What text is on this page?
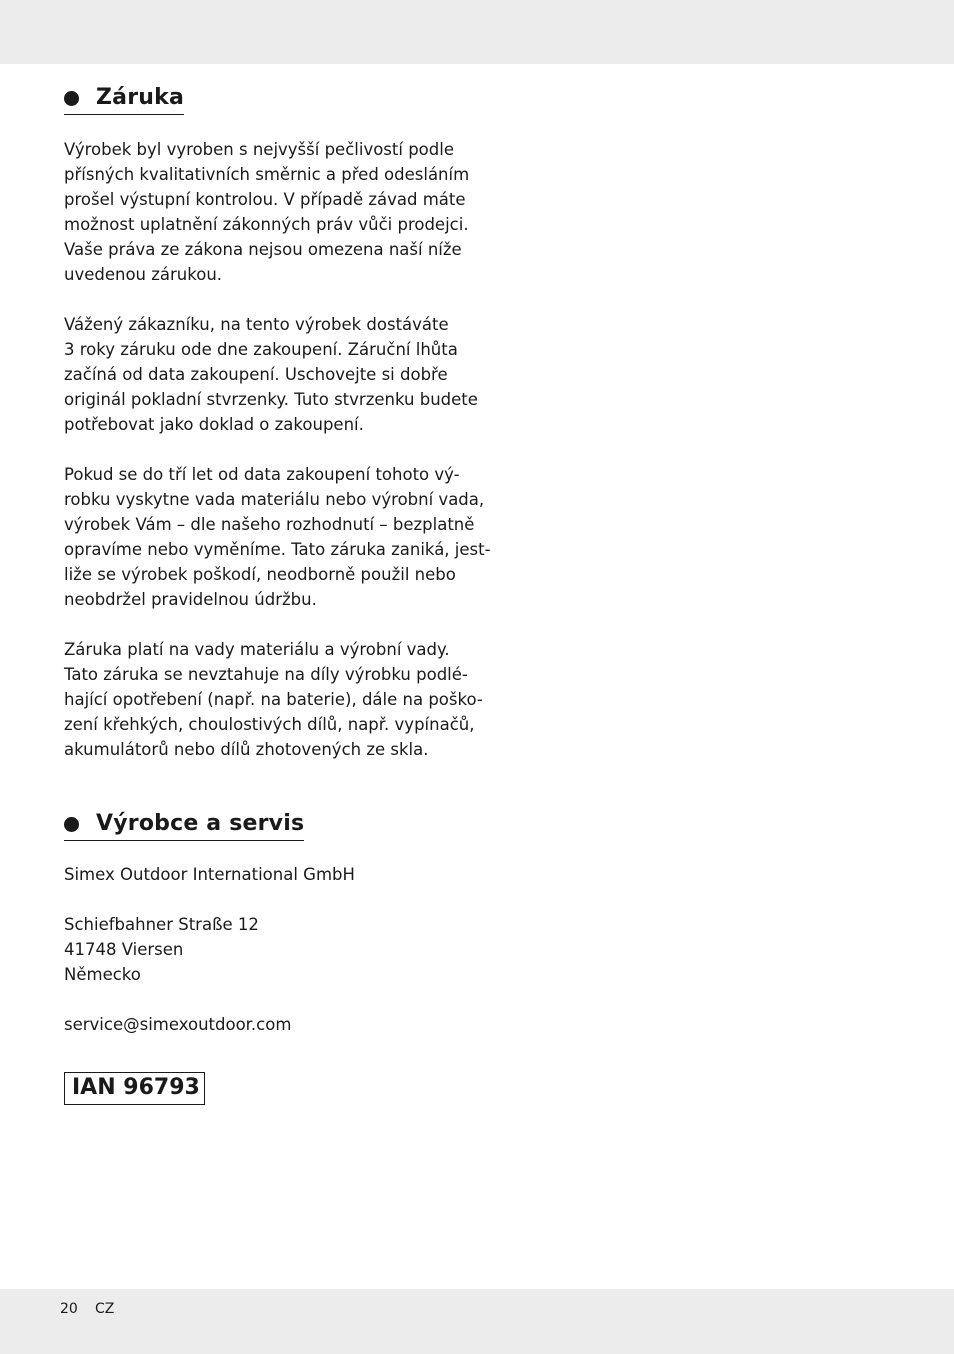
Záruka
Výrobek byl vyroben s nejvyšší pečlivostí podle
přísných kvalitativních směrnic a před odesláním
prošel výstupní kontrolou. V případě závad máte
možnost uplatnění zákonných práv vůči prodejci.
Vaše práva ze zákona nejsou omezena naší níže
uvedenou zárukou.
Vážený zákazníku, na tento výrobek dostáváte
3 roky záruku ode dne zakoupení. Záruční lhůta
začíná od data zakoupení. Uschovejte si dobře
originál pokladní stvrzenky. Tuto stvrzenku budete
potřebovat jako doklad o zakoupení.
Pokud se do tří let od data zakoupení tohoto vý-
robku vyskytne vada materiálu nebo výrobní vada,
výrobek Vám – dle našeho rozhodnutí – bezplatně
opravíme nebo vyměníme. Tato záruka zaniká, jest-
liže se výrobek poškodí, neodborně použil nebo
neobdržel pravidelnou údržbu.
Záruka platí na vady materiálu a výrobní vady.
Tato záruka se nevztahuje na díly výrobku podlé-
hající opotřebení (např. na baterie), dále na poško-
zení křehkých, choulostivých dílů, např. vypínačů,
akumulátorů nebo dílů zhotovených ze skla.
Výrobce a servis
Simex Outdoor International GmbH
Schiefbahner Straße 12
41748 Viersen
Německo
service@simexoutdoor.com
IAN 96793
20 CZ
